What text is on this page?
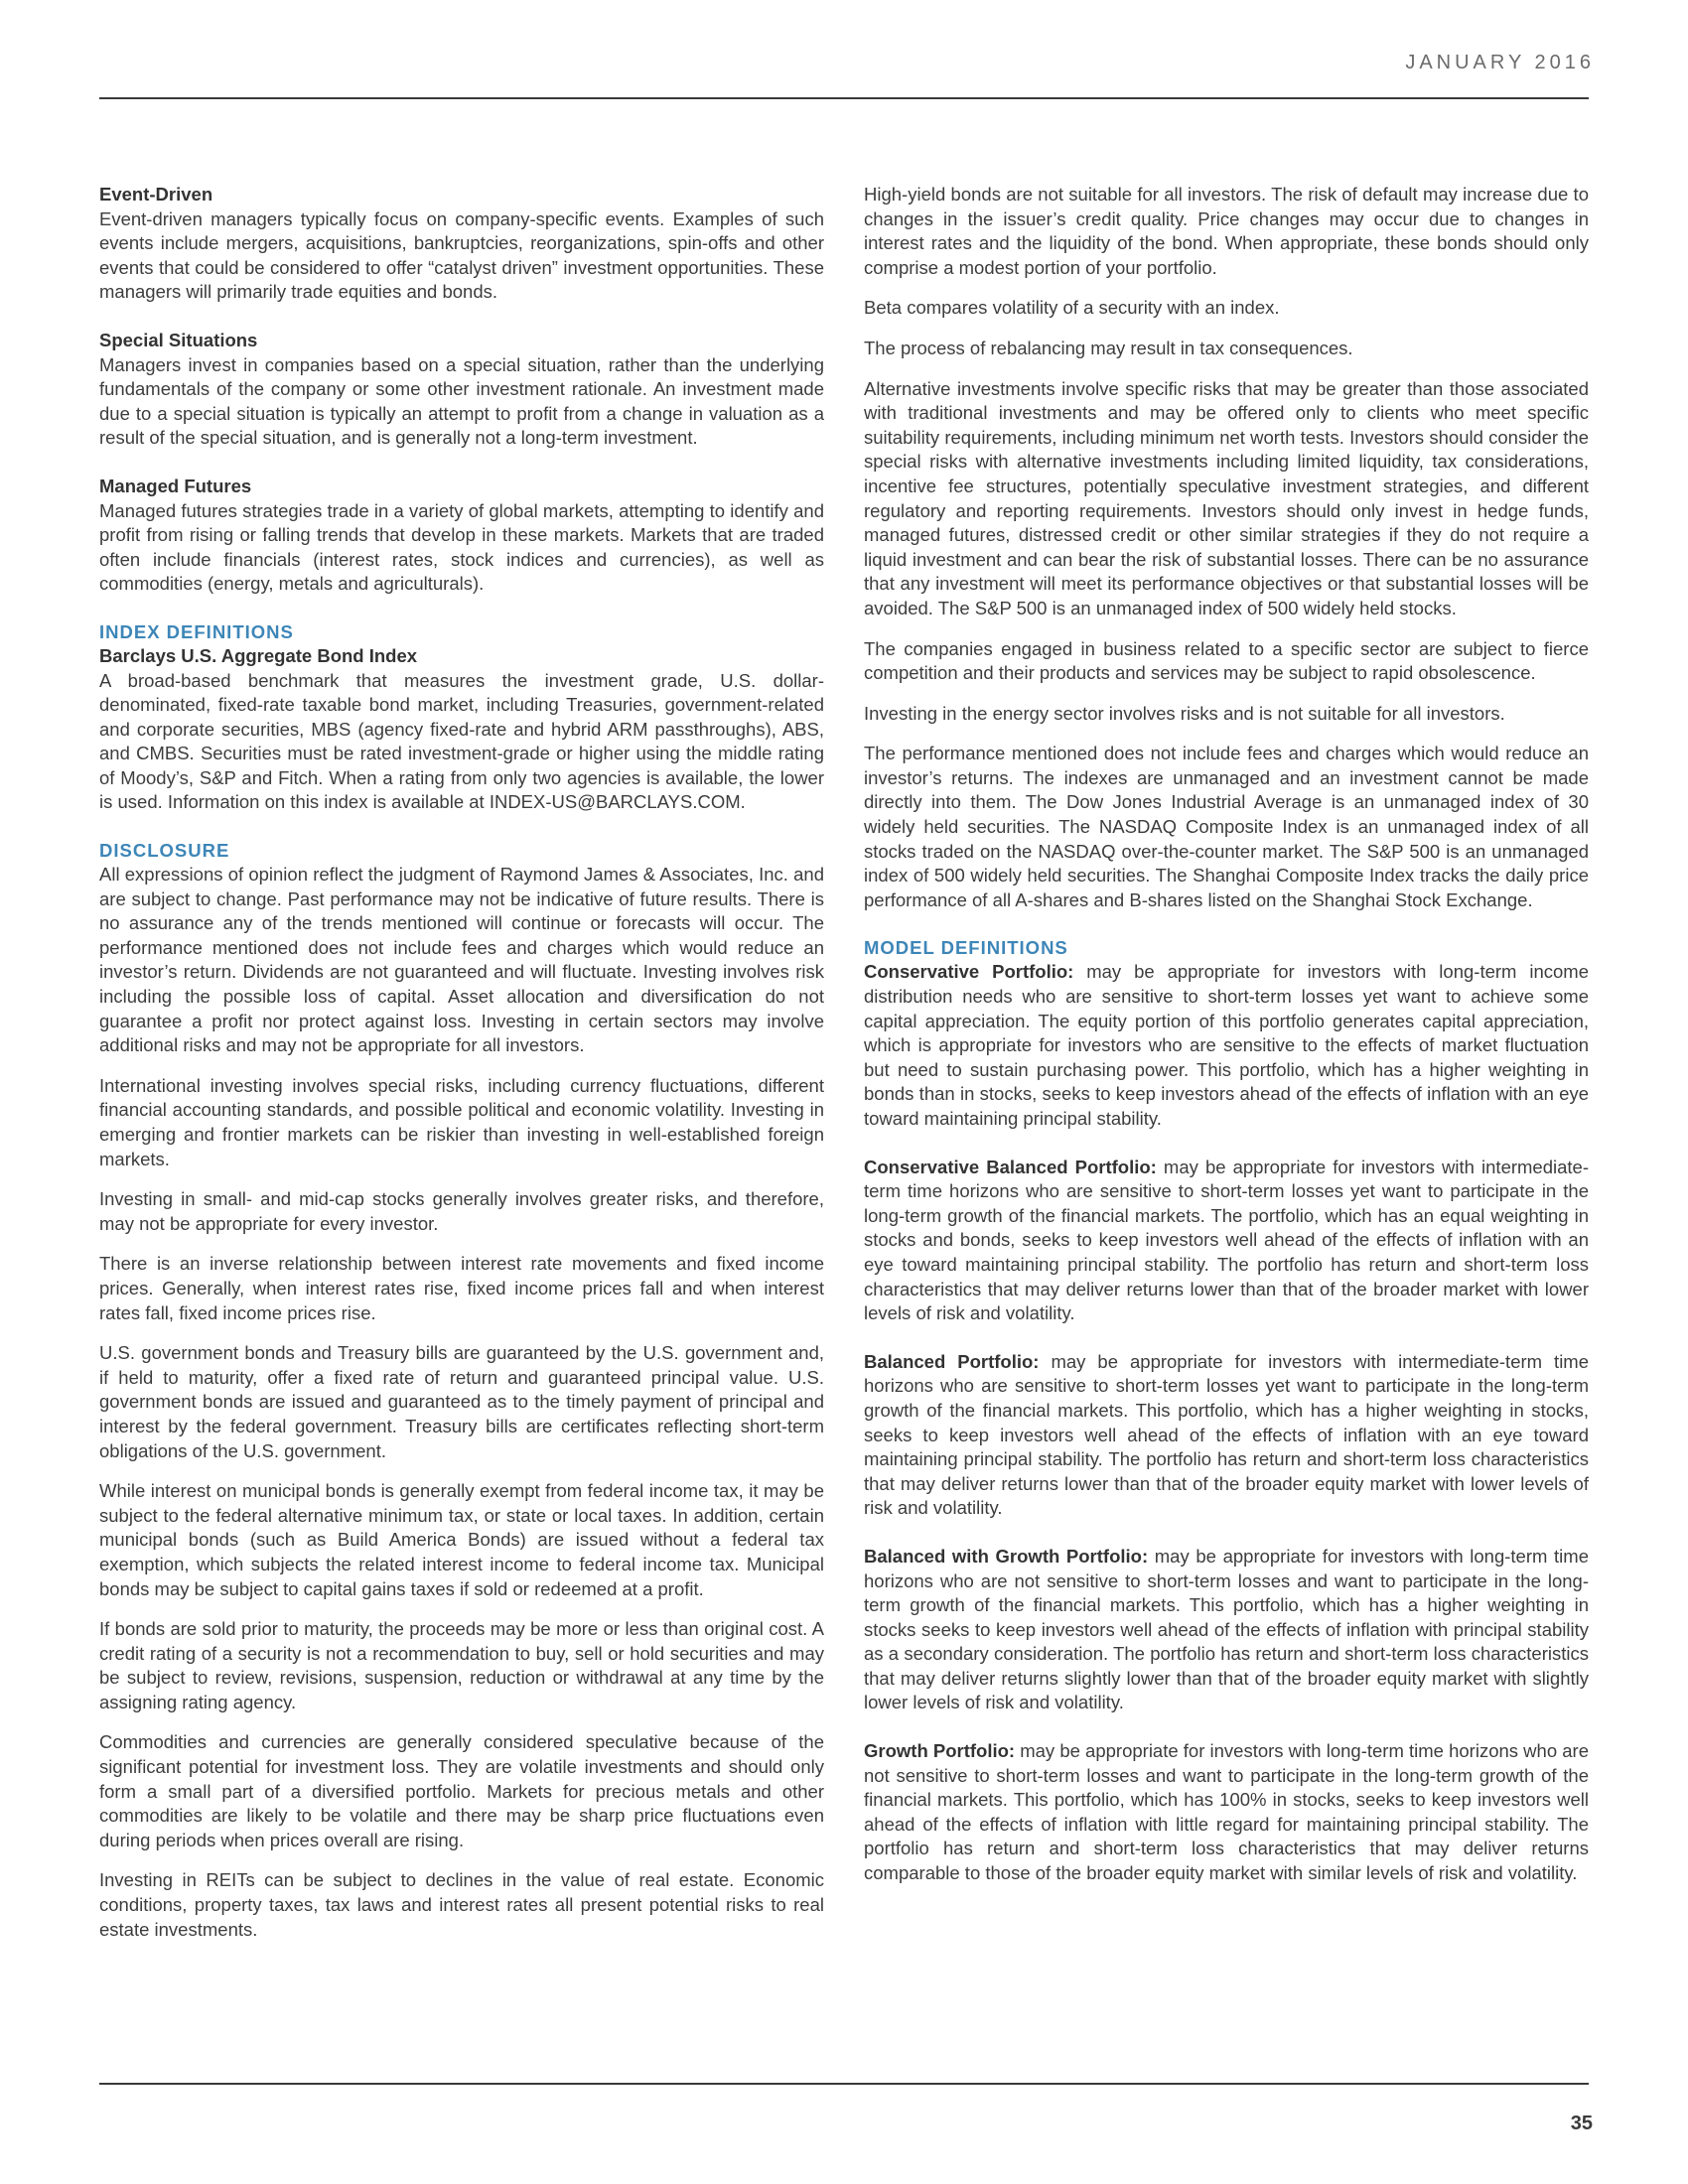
JANUARY 2016
Event-Driven

Event-driven managers typically focus on company-specific events. Examples of such events include mergers, acquisitions, bankruptcies, reorganizations, spin-offs and other events that could be considered to offer “catalyst driven” investment opportunities. These managers will primarily trade equities and bonds.

Special Situations

Managers invest in companies based on a special situation, rather than the underlying fundamentals of the company or some other investment rationale. An investment made due to a special situation is typically an attempt to profit from a change in valuation as a result of the special situation, and is generally not a long-term investment.

Managed Futures

Managed futures strategies trade in a variety of global markets, attempting to identify and profit from rising or falling trends that develop in these markets. Markets that are traded often include financials (interest rates, stock indices and currencies), as well as commodities (energy, metals and agriculturals).

INDEX DEFINITIONS
Barclays U.S. Aggregate Bond Index

A broad-based benchmark that measures the investment grade, U.S. dollar-denominated, fixed-rate taxable bond market, including Treasuries, government-related and corporate securities, MBS (agency fixed-rate and hybrid ARM passthroughs), ABS, and CMBS. Securities must be rated investment-grade or higher using the middle rating of Moody’s, S&P and Fitch. When a rating from only two agencies is available, the lower is used. Information on this index is available at INDEX-US@BARCLAYS.COM.

DISCLOSURE

All expressions of opinion reflect the judgment of Raymond James & Associates, Inc. and are subject to change. Past performance may not be indicative of future results. There is no assurance any of the trends mentioned will continue or forecasts will occur. The performance mentioned does not include fees and charges which would reduce an investor’s return. Dividends are not guaranteed and will fluctuate. Investing involves risk including the possible loss of capital. Asset allocation and diversification do not guarantee a profit nor protect against loss. Investing in certain sectors may involve additional risks and may not be appropriate for all investors.

International investing involves special risks, including currency fluctuations, different financial accounting standards, and possible political and economic volatility. Investing in emerging and frontier markets can be riskier than investing in well-established foreign markets.

Investing in small- and mid-cap stocks generally involves greater risks, and therefore, may not be appropriate for every investor.

There is an inverse relationship between interest rate movements and fixed income prices. Generally, when interest rates rise, fixed income prices fall and when interest rates fall, fixed income prices rise.

U.S. government bonds and Treasury bills are guaranteed by the U.S. government and, if held to maturity, offer a fixed rate of return and guaranteed principal value. U.S. government bonds are issued and guaranteed as to the timely payment of principal and interest by the federal government. Treasury bills are certificates reflecting short-term obligations of the U.S. government.

While interest on municipal bonds is generally exempt from federal income tax, it may be subject to the federal alternative minimum tax, or state or local taxes. In addition, certain municipal bonds (such as Build America Bonds) are issued without a federal tax exemption, which subjects the related interest income to federal income tax. Municipal bonds may be subject to capital gains taxes if sold or redeemed at a profit.

If bonds are sold prior to maturity, the proceeds may be more or less than original cost. A credit rating of a security is not a recommendation to buy, sell or hold securities and may be subject to review, revisions, suspension, reduction or withdrawal at any time by the assigning rating agency.

Commodities and currencies are generally considered speculative because of the significant potential for investment loss. They are volatile investments and should only form a small part of a diversified portfolio. Markets for precious metals and other commodities are likely to be volatile and there may be sharp price fluctuations even during periods when prices overall are rising.

Investing in REITs can be subject to declines in the value of real estate. Economic conditions, property taxes, tax laws and interest rates all present potential risks to real estate investments.

High-yield bonds are not suitable for all investors. The risk of default may increase due to changes in the issuer’s credit quality. Price changes may occur due to changes in interest rates and the liquidity of the bond. When appropriate, these bonds should only comprise a modest portion of your portfolio.

Beta compares volatility of a security with an index.

The process of rebalancing may result in tax consequences.

Alternative investments involve specific risks that may be greater than those associated with traditional investments and may be offered only to clients who meet specific suitability requirements, including minimum net worth tests. Investors should consider the special risks with alternative investments including limited liquidity, tax considerations, incentive fee structures, potentially speculative investment strategies, and different regulatory and reporting requirements. Investors should only invest in hedge funds, managed futures, distressed credit or other similar strategies if they do not require a liquid investment and can bear the risk of substantial losses. There can be no assurance that any investment will meet its performance objectives or that substantial losses will be avoided. The S&P 500 is an unmanaged index of 500 widely held stocks.

The companies engaged in business related to a specific sector are subject to fierce competition and their products and services may be subject to rapid obsolescence.

Investing in the energy sector involves risks and is not suitable for all investors.

The performance mentioned does not include fees and charges which would reduce an investor’s returns. The indexes are unmanaged and an investment cannot be made directly into them. The Dow Jones Industrial Average is an unmanaged index of 30 widely held securities. The NASDAQ Composite Index is an unmanaged index of all stocks traded on the NASDAQ over-the-counter market. The S&P 500 is an unmanaged index of 500 widely held securities. The Shanghai Composite Index tracks the daily price performance of all A-shares and B-shares listed on the Shanghai Stock Exchange.

MODEL DEFINITIONS

Conservative Portfolio: may be appropriate for investors with long-term income distribution needs who are sensitive to short-term losses yet want to achieve some capital appreciation. The equity portion of this portfolio generates capital appreciation, which is appropriate for investors who are sensitive to the effects of market fluctuation but need to sustain purchasing power. This portfolio, which has a higher weighting in bonds than in stocks, seeks to keep investors ahead of the effects of inflation with an eye toward maintaining principal stability.

Conservative Balanced Portfolio: may be appropriate for investors with intermediate-term time horizons who are sensitive to short-term losses yet want to participate in the long-term growth of the financial markets. The portfolio, which has an equal weighting in stocks and bonds, seeks to keep investors well ahead of the effects of inflation with an eye toward maintaining principal stability. The portfolio has return and short-term loss characteristics that may deliver returns lower than that of the broader market with lower levels of risk and volatility.

Balanced Portfolio: may be appropriate for investors with intermediate-term time horizons who are sensitive to short-term losses yet want to participate in the long-term growth of the financial markets. This portfolio, which has a higher weighting in stocks, seeks to keep investors well ahead of the effects of inflation with an eye toward maintaining principal stability. The portfolio has return and short-term loss characteristics that may deliver returns lower than that of the broader equity market with lower levels of risk and volatility.

Balanced with Growth Portfolio: may be appropriate for investors with long-term time horizons who are not sensitive to short-term losses and want to participate in the long-term growth of the financial markets. This portfolio, which has a higher weighting in stocks seeks to keep investors well ahead of the effects of inflation with principal stability as a secondary consideration. The portfolio has return and short-term loss characteristics that may deliver returns slightly lower than that of the broader equity market with slightly lower levels of risk and volatility.

Growth Portfolio: may be appropriate for investors with long-term time horizons who are not sensitive to short-term losses and want to participate in the long-term growth of the financial markets. This portfolio, which has 100% in stocks, seeks to keep investors well ahead of the effects of inflation with little regard for maintaining principal stability. The portfolio has return and short-term loss characteristics that may deliver returns comparable to those of the broader equity market with similar levels of risk and volatility.

35
